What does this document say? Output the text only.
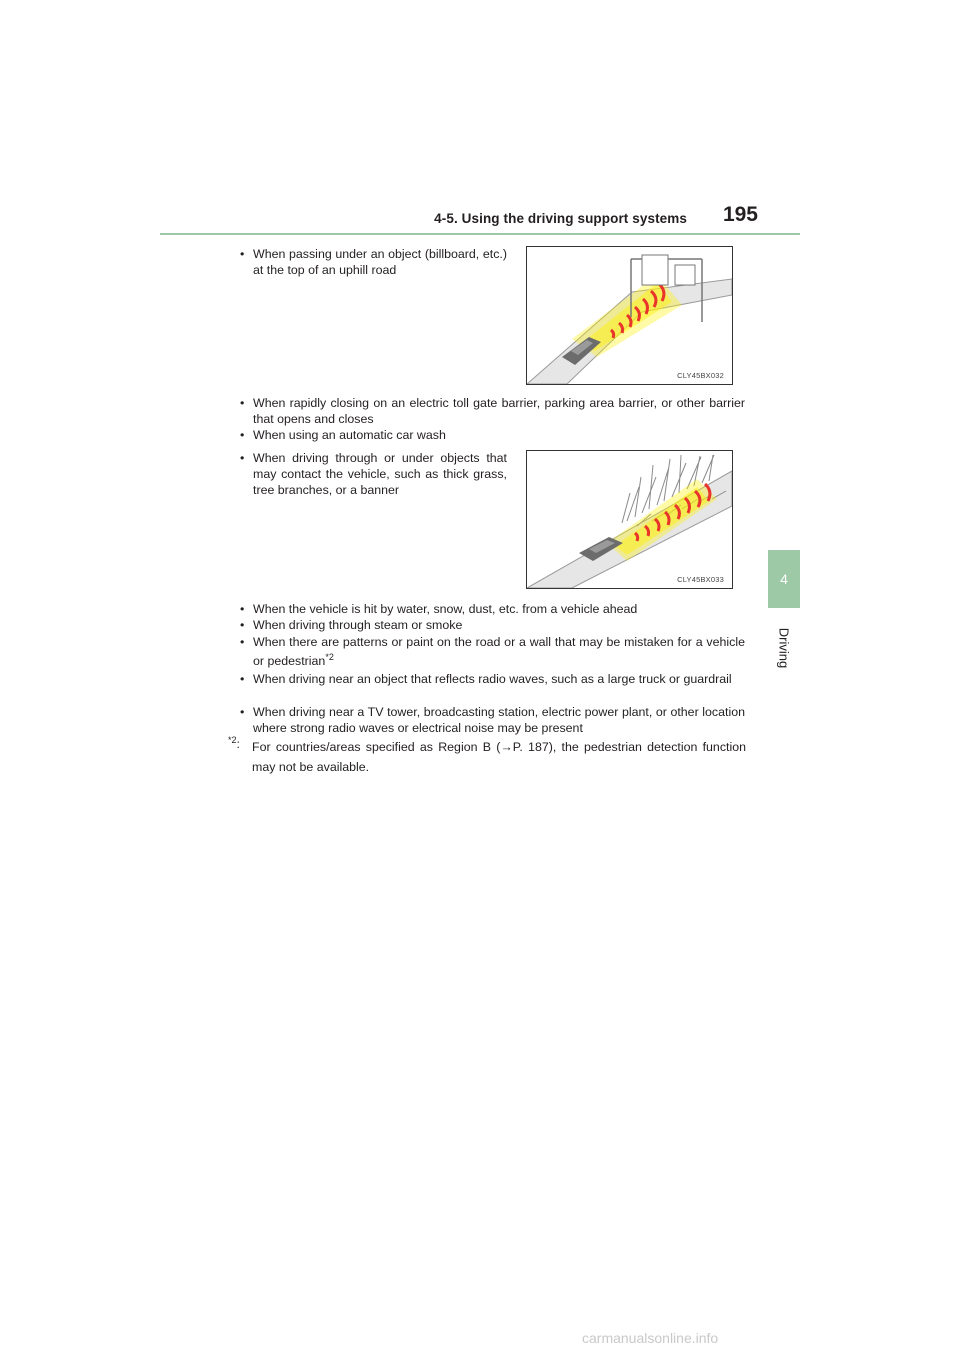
4-5. Using the driving support systems 195
4
Driving
• When passing under an object (billboard, etc.) at the top of an uphill road
CLY45BX032
• When rapidly closing on an electric toll gate barrier, parking area barrier, or other barrier that opens and closes
• When using an automatic car wash
• When driving through or under objects that may contact the vehicle, such as thick grass, tree branches, or a banner
CLY45BX033
• When the vehicle is hit by water, snow, dust, etc. from a vehicle ahead
• When driving through steam or smoke
• When there are patterns or paint on the road or a wall that may be mistaken for a vehicle or pedestrian$^{*2}$
• When driving near an object that reflects radio waves, such as a large truck or guardrail
• When driving near a TV tower, broadcasting station, electric power plant, or other location where strong radio waves or electrical noise may be present
$^{*2}$: For countries/areas specified as Region B (→P. 187), the pedestrian detection function may not be available.
carmanualsonline.info
